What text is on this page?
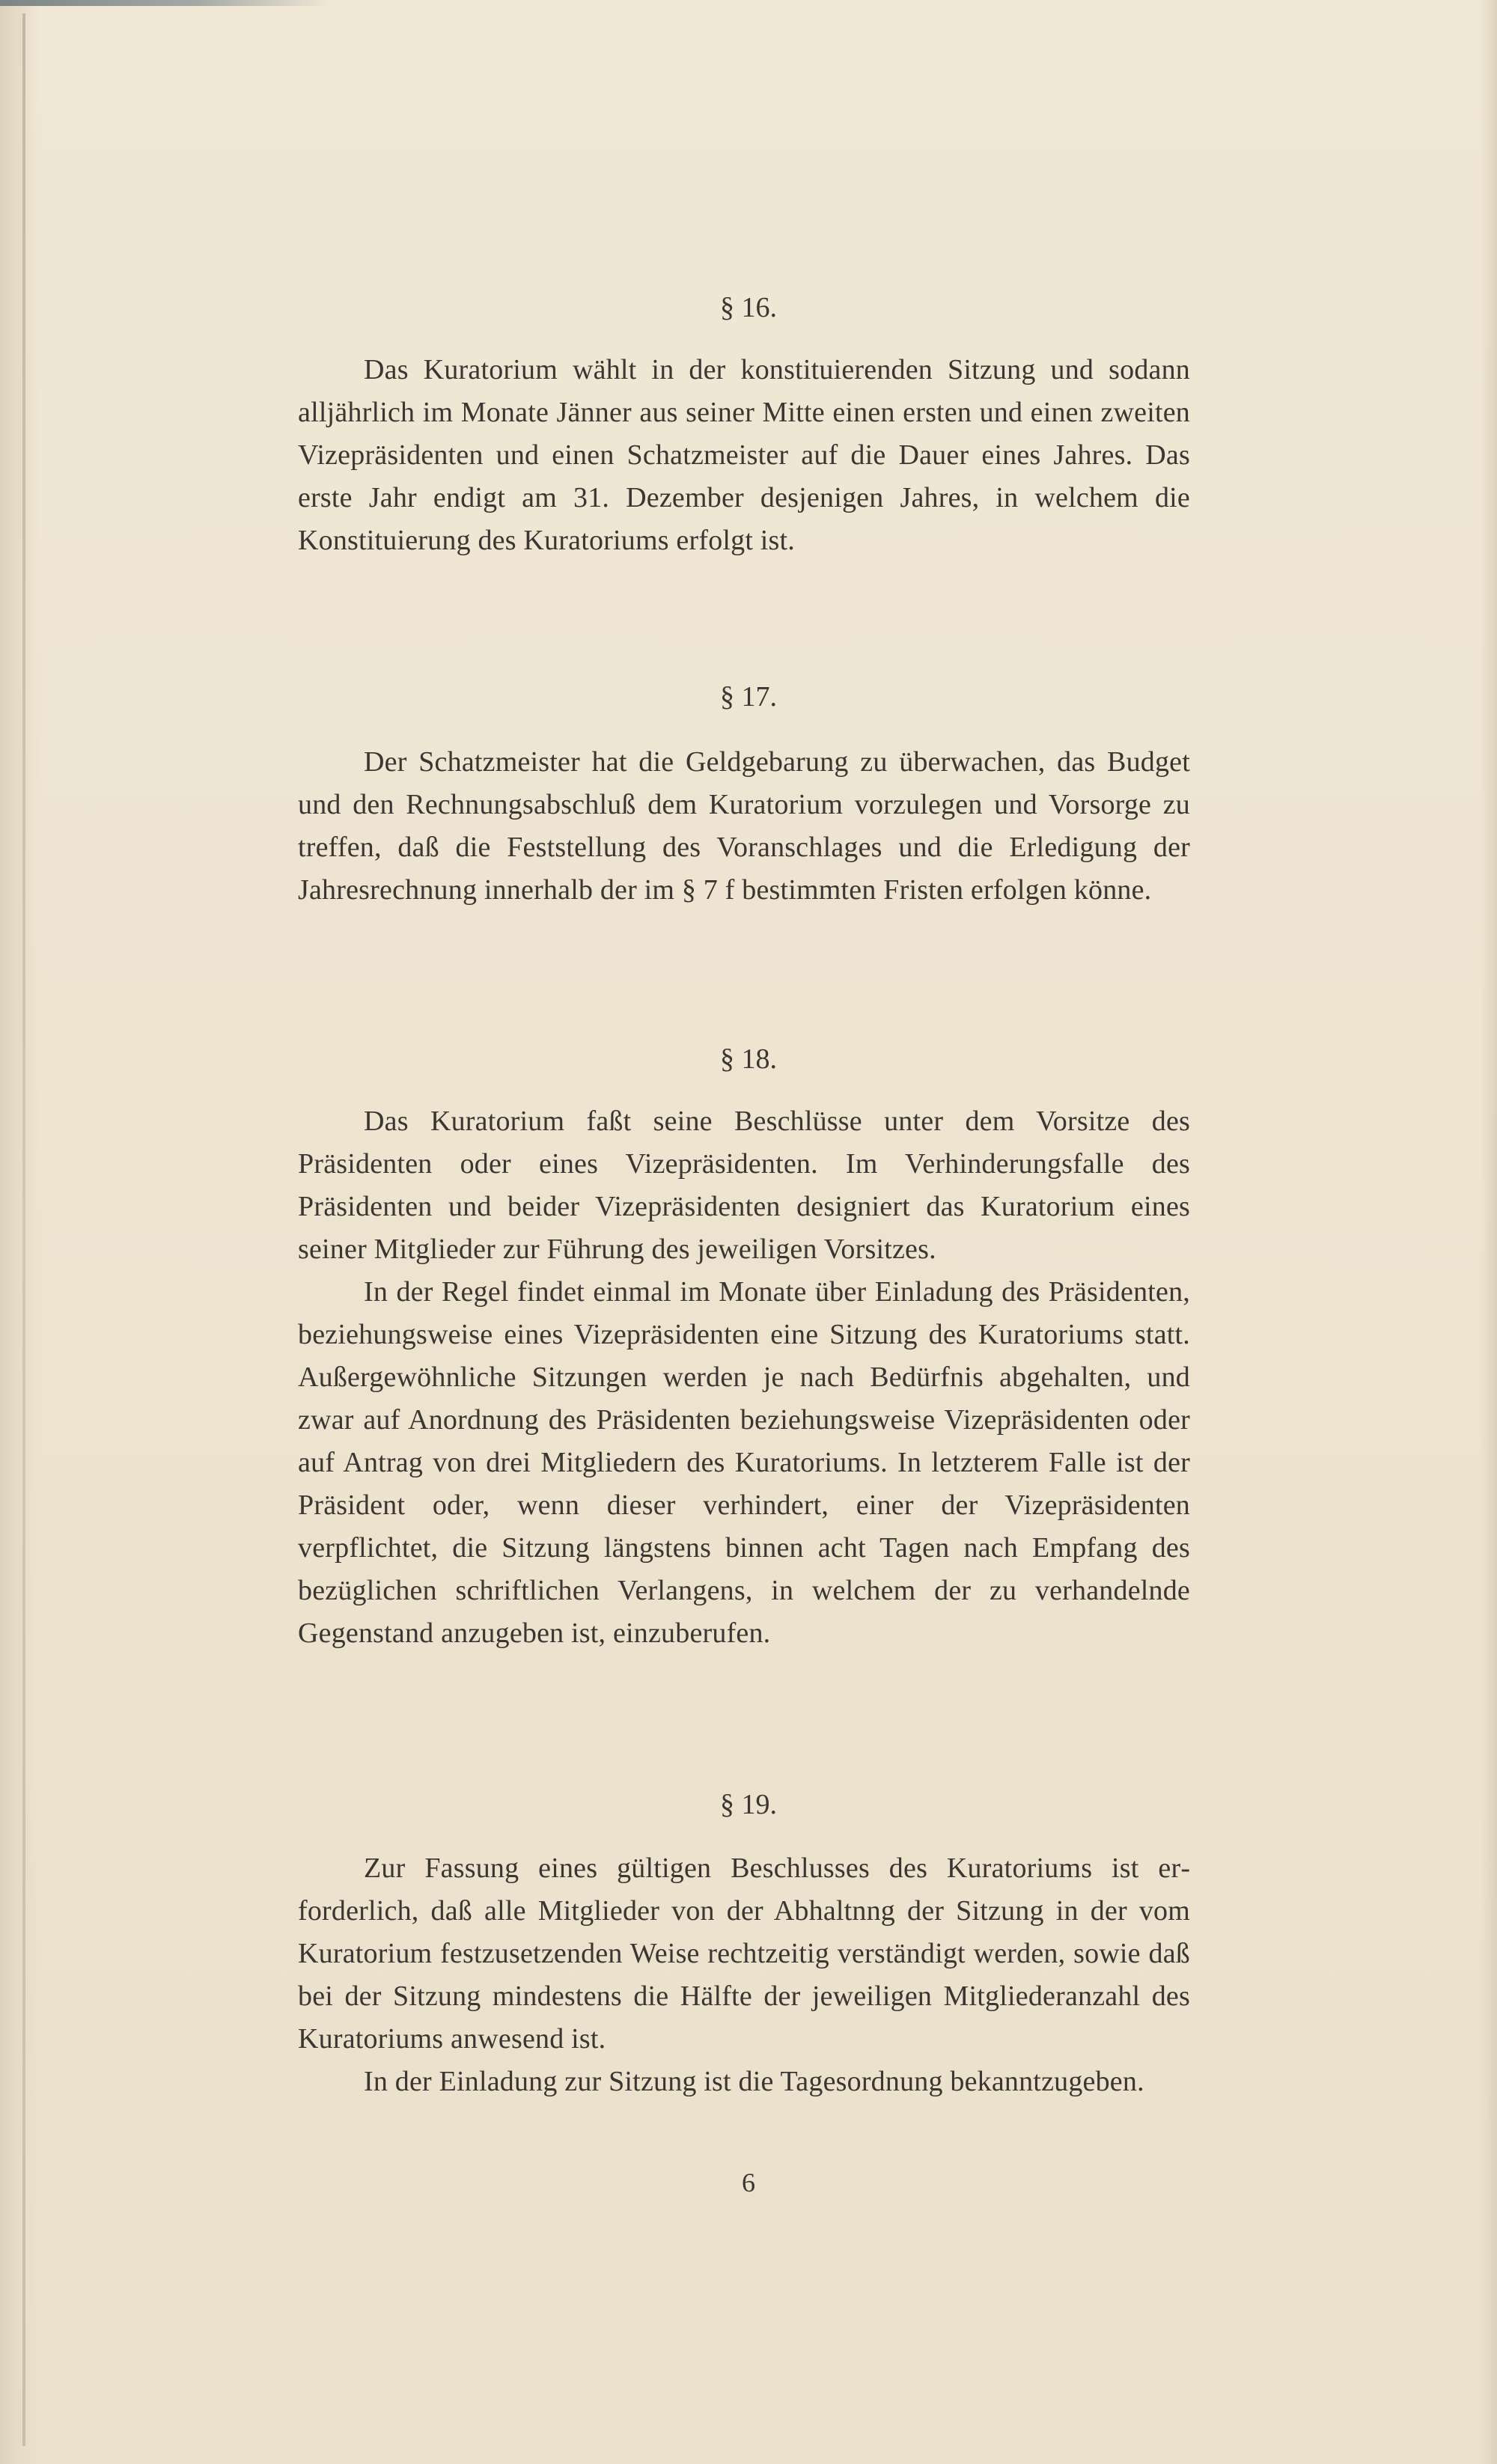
§ 16.

Das Kuratorium wählt in der konstituierenden Sitzung und sodann alljährlich im Monate Jänner aus seiner Mitte einen ersten und einen zweiten Vizepräsidenten und einen Schatzmeister auf die Dauer eines Jahres. Das erste Jahr endigt am 31. Dezember desjenigen Jahres, in welchem die Konstituierung des Kuratoriums erfolgt ist.

§ 17.

Der Schatzmeister hat die Geldgebarung zu überwachen, das Budget und den Rechnungsabschluß dem Kuratorium vorzulegen und Vorsorge zu treffen, daß die Feststellung des Voranschlages und die Erledigung der Jahresrechnung innerhalb der im § 7 f bestimmten Fristen erfolgen könne.

§ 18.

Das Kuratorium faßt seine Beschlüsse unter dem Vorsitze des Präsidenten oder eines Vizepräsidenten. Im Verhinderungsfalle des Präsidenten und beider Vizepräsidenten designiert das Kuratorium eines seiner Mitglieder zur Führung des jeweiligen Vorsitzes.

In der Regel findet einmal im Monate über Einladung des Präsidenten, beziehungsweise eines Vizepräsidenten eine Sitzung des Kuratoriums statt. Außergewöhnliche Sitzungen werden je nach Bedürfnis abgehalten, und zwar auf Anordnung des Präsidenten beziehungsweise Vizepräsidenten oder auf Antrag von drei Mitgliedern des Kuratoriums. In letzterem Falle ist der Präsident oder, wenn dieser verhindert, einer der Vizepräsidenten verpflichtet, die Sitzung längstens binnen acht Tagen nach Empfang des bezüglichen schriftlichen Verlangens, in welchem der zu verhandelnde Gegenstand anzugeben ist, einzuberufen.

§ 19.

Zur Fassung eines gültigen Beschlusses des Kuratoriums ist erforderlich, daß alle Mitglieder von der Abhaltnng der Sitzung in der vom Kuratorium festzusetzenden Weise rechtzeitig verständigt werden, sowie daß bei der Sitzung mindestens die Hälfte der jeweiligen Mitgliederanzahl des Kuratoriums anwesend ist.

In der Einladung zur Sitzung ist die Tagesordnung bekanntzugeben.

6
